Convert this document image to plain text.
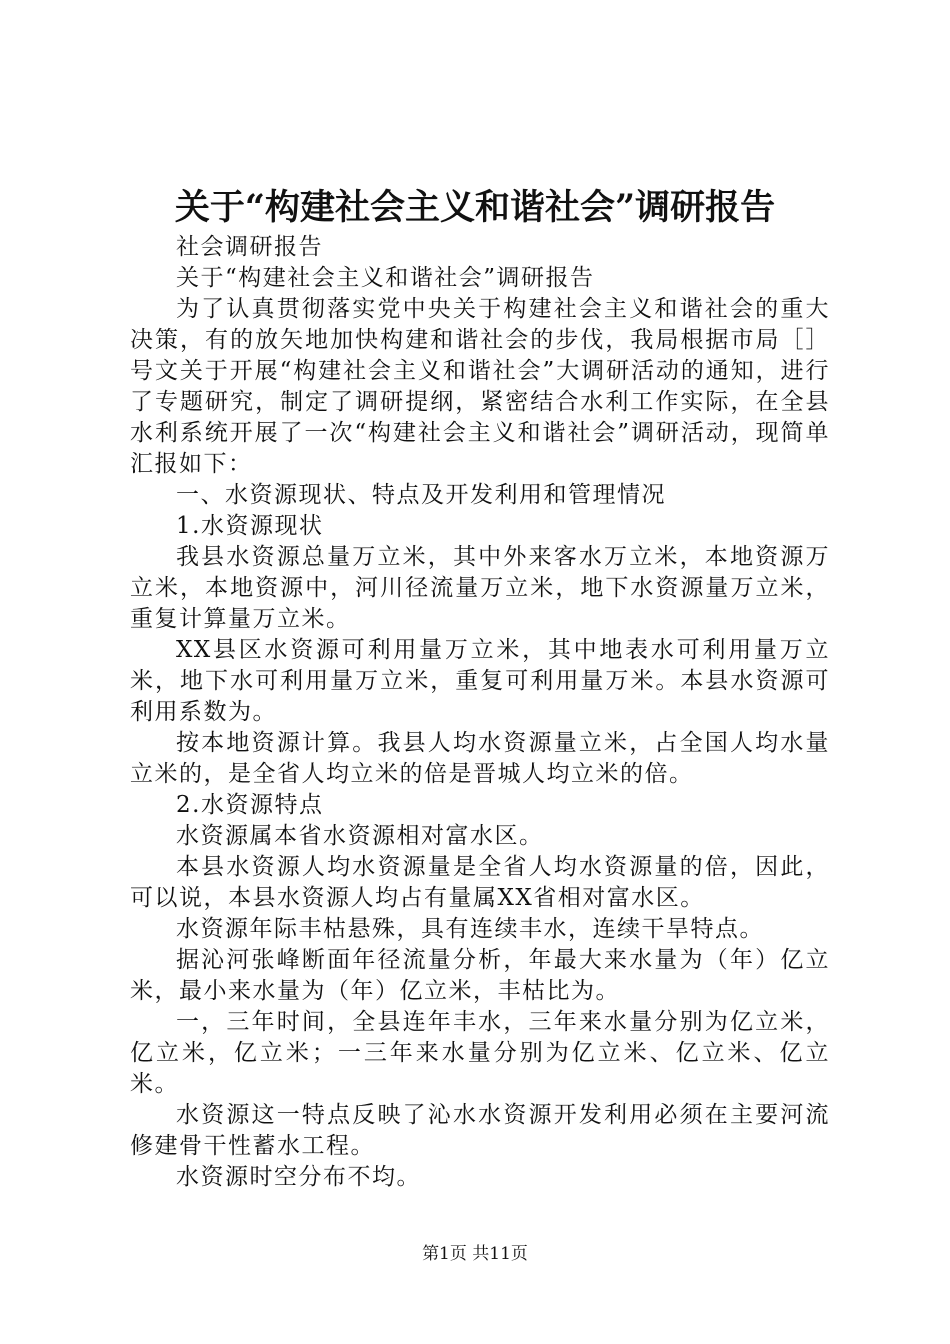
关于“构建社会主义和谐社会”调研报告

社会调研报告

关于“构建社会主义和谐社会”调研报告

为了认真贯彻落实党中央关于构建社会主义和谐社会的重大决策，有的放矢地加快构建和谐社会的步伐，我局根据市局［］号文关于开展“构建社会主义和谐社会”大调研活动的通知，进行了专题研究，制定了调研提纲，紧密结合水利工作实际，在全县水利系统开展了一次“构建社会主义和谐社会”调研活动，现简单汇报如下：

一、水资源现状、特点及开发利用和管理情况

1.水资源现状

我县水资源总量万立米，其中外来客水万立米，本地资源万立米，本地资源中，河川径流量万立米，地下水资源量万立米，重复计算量万立米。

XX县区水资源可利用量万立米，其中地表水可利用量万立米，地下水可利用量万立米，重复可利用量万米。本县水资源可利用系数为。

按本地资源计算。我县人均水资源量立米，占全国人均水量立米的，是全省人均立米的倍是晋城人均立米的倍。

2.水资源特点

水资源属本省水资源相对富水区。

本县水资源人均水资源量是全省人均水资源量的倍，因此，可以说，本县水资源人均占有量属XX省相对富水区。

水资源年际丰枯悬殊，具有连续丰水，连续干旱特点。

据沁河张峰断面年径流量分析，年最大来水量为（年）亿立米，最小来水量为（年）亿立米，丰枯比为。

一，三年时间，全县连年丰水，三年来水量分别为亿立米，亿立米，亿立米；一三年来水量分别为亿立米、亿立米、亿立米。

水资源这一特点反映了沁水水资源开发利用必须在主要河流修建骨干性蓄水工程。

水资源时空分布不均。

第1页 共11页
